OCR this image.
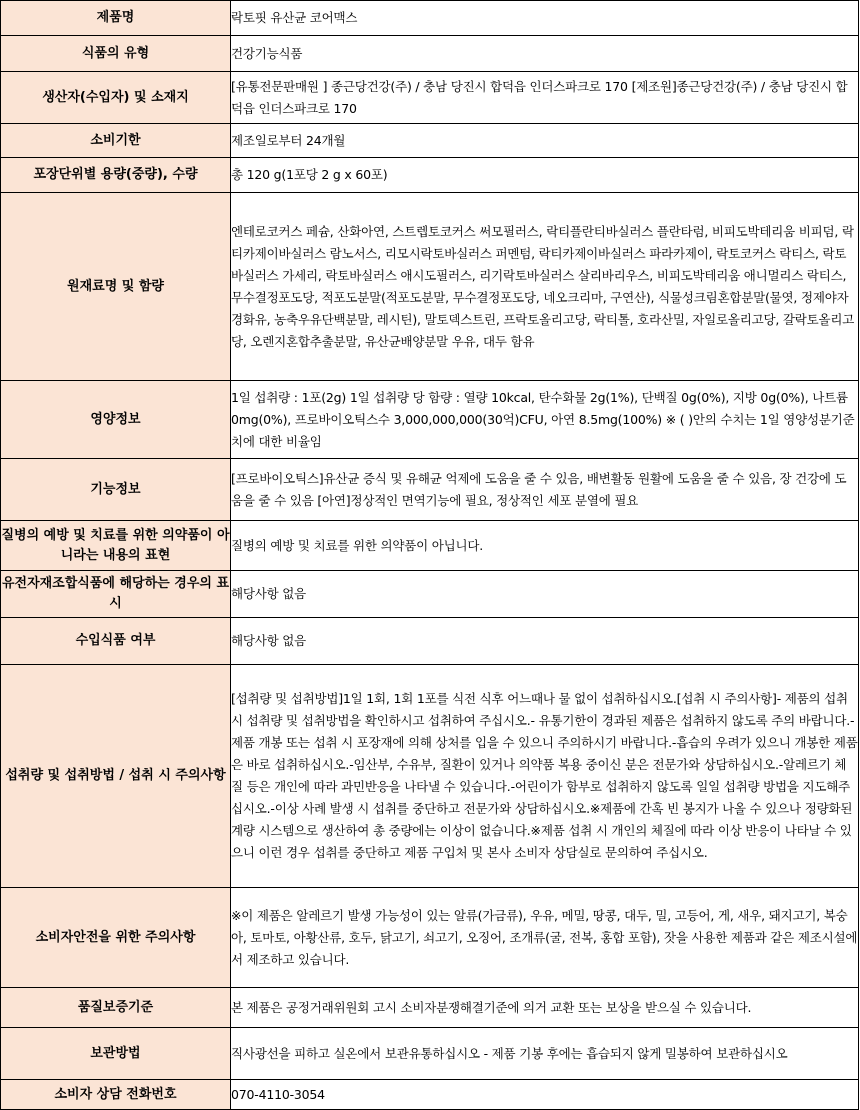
제품명	락토핏 유산균 코어맥스
식품의 유형	건강기능식품
생산자(수입자) 및 소재지	[유통전문판매원 ] 종근당건강(주) / 충남 당진시 합덕읍 인더스파크로 170 [제조원]종근당건강(주) / 충남 당진시 합덕읍 인더스파크로 170
소비기한	제조일로부터 24개월
포장단위별 용량(중량), 수량	총 120 g(1포당 2 g x 60포)
원재료명 및 함량	엔테로코커스 페슘, 산화아연, 스트렙토코커스 써모필러스, 락티플란티바실러스 플란타럼, 비피도박테리움 비피덤, 락티카제이바실러스 람노서스, 리모시락토바실러스 퍼멘텀, 락티카제이바실러스 파라카제이, 락토코커스 락티스, 락토바실러스 가세리, 락토바실러스 애시도필러스, 리기락토바실러스 살리바리우스, 비피도박테리움 애니멀리스 락티스, 무수결정포도당, 적포도분말(적포도분말, 무수결정포도당, 네오크리마, 구연산), 식물성크림혼합분말(물엿, 정제야자경화유, 농축우유단백분말, 레시틴), 말토덱스트린, 프락토올리고당, 락티톨, 호라산밀, 자일로올리고당, 갈락토올리고당, 오렌지혼합추출분말, 유산균배양분말 우유, 대두 함유
영양정보	1일 섭취량 : 1포(2g) 1일 섭취량 당 함량 : 열량 10kcal, 탄수화물 2g(1%), 단백질 0g(0%), 지방 0g(0%), 나트륨 0mg(0%), 프로바이오틱스수 3,000,000,000(30억)CFU, 아연 8.5mg(100%) ※ ( )안의 수치는 1일 영양성분기준치에 대한 비율임
기능정보	[프로바이오틱스]유산균 증식 및 유해균 억제에 도움을 줄 수 있음, 배변활동 원활에 도움을 줄 수 있음, 장 건강에 도움을 줄 수 있음 [아연]정상적인 면역기능에 필요, 정상적인 세포 분열에 필요
질병의 예방 및 치료를 위한 의약품이 아니라는 내용의 표현	질병의 예방 및 치료를 위한 의약품이 아닙니다.
유전자재조합식품에 해당하는 경우의 표시	해당사항 없음
수입식품 여부	해당사항 없음
섭취량 및 섭취방법 / 섭취 시 주의사항	[섭취량 및 섭취방법]1일 1회, 1회 1포를 식전 식후 어느때나 물 없이 섭취하십시오.[섭취 시 주의사항]- 제품의 섭취 시 섭취량 및 섭취방법을 확인하시고 섭취하여 주십시오.- 유통기한이 경과된 제품은 섭취하지 않도록 주의 바랍니다.- 제품 개봉 또는 섭취 시 포장재에 의해 상처를 입을 수 있으니 주의하시기 바랍니다.-흡습의 우려가 있으니 개봉한 제품은 바로 섭취하십시오.-임산부, 수유부, 질환이 있거나 의약품 복용 중이신 분은 전문가와 상담하십시오.-알레르기 체질 등은 개인에 따라 과민반응을 나타낼 수 있습니다.-어린이가 함부로 섭취하지 않도록 일일 섭취량 방법을 지도해주십시오.-이상 사례 발생 시 섭취를 중단하고 전문가와 상담하십시오.※제품에 간혹 빈 봉지가 나올 수 있으나 정량화된 계량 시스템으로 생산하여 총 중량에는 이상이 없습니다.※제품 섭취 시 개인의 체질에 따라 이상 반응이 나타날 수 있으니 이런 경우 섭취를 중단하고 제품 구입처 및 본사 소비자 상담실로 문의하여 주십시오.
소비자안전을 위한 주의사항	※이 제품은 알레르기 발생 가능성이 있는 알류(가금류), 우유, 메밀, 땅콩, 대두, 밀, 고등어, 게, 새우, 돼지고기, 복숭아, 토마토, 아황산류, 호두, 닭고기, 쇠고기, 오징어, 조개류(굴, 전복, 홍합 포함), 잣을 사용한 제품과 같은 제조시설에서 제조하고 있습니다.
품질보증기준	본 제품은 공정거래위원회 고시 소비자분쟁해결기준에 의거 교환 또는 보상을 받으실 수 있습니다.
보관방법	직사광선을 피하고 실온에서 보관유통하십시오 - 제품 기봉 후에는 흡습되지 않게 밀봉하여 보관하십시오
소비자 상담 전화번호	070-4110-3054
